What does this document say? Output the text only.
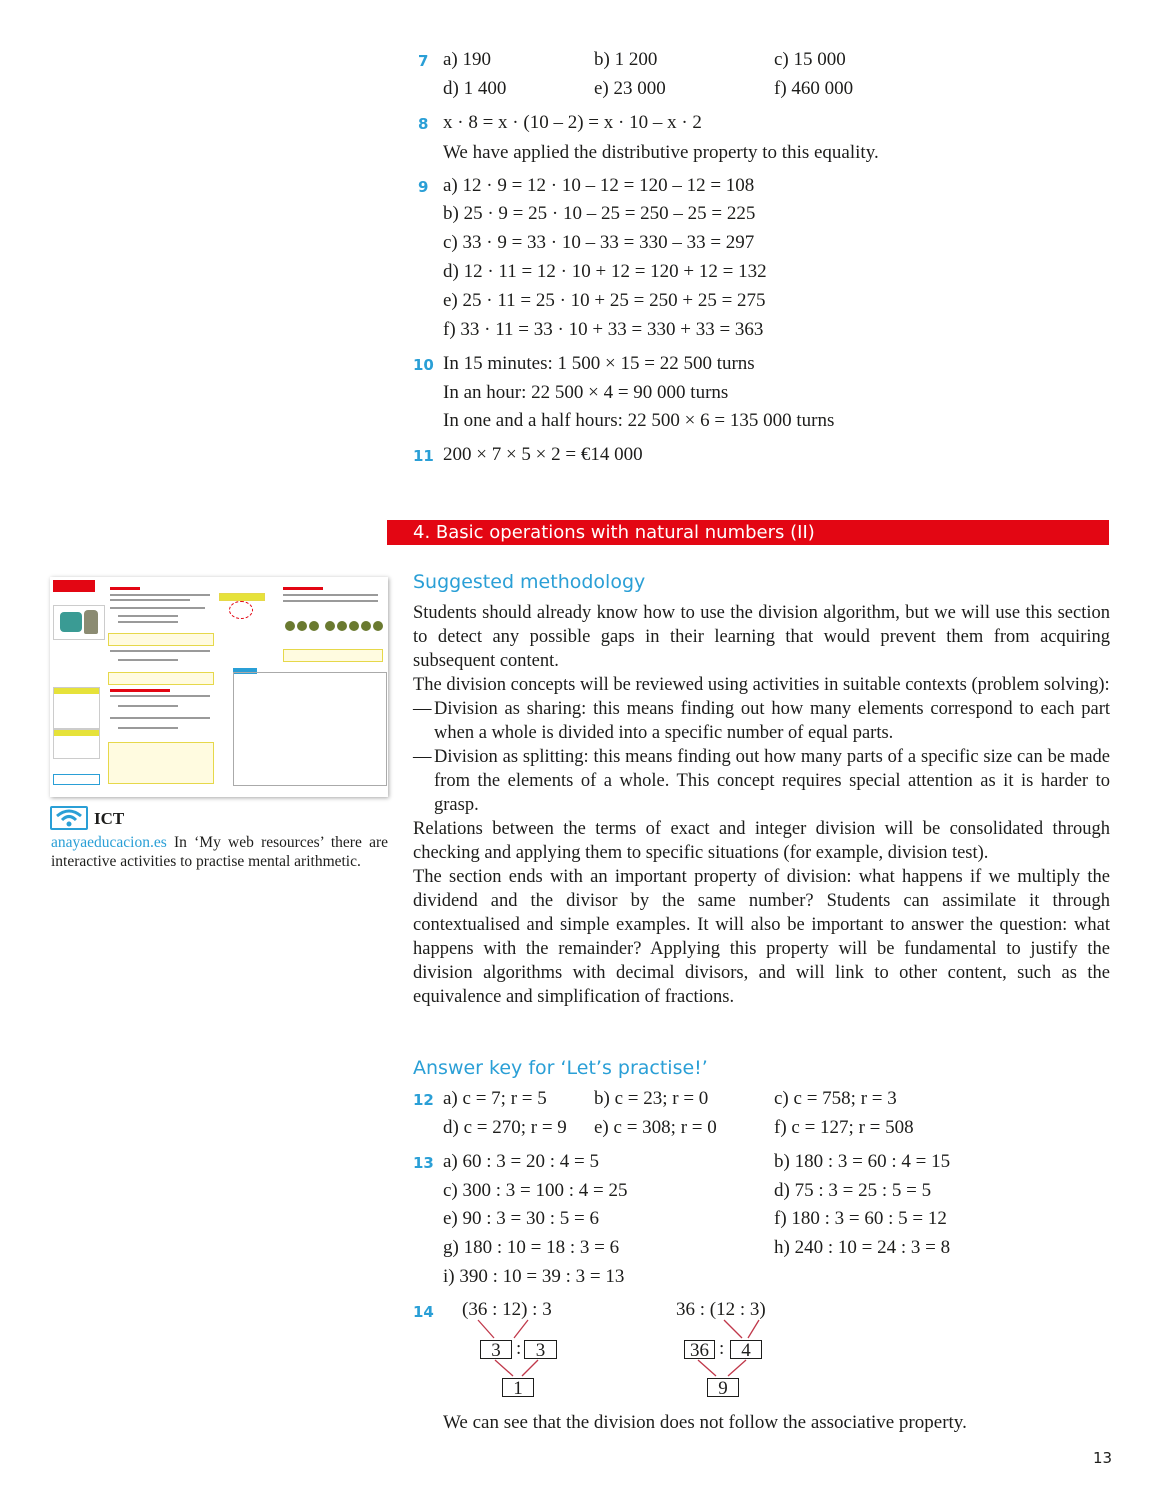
7 a) 190	b) 1 200	c) 15 000
d) 1 400	e) 23 000	f) 460 000
8 x · 8 = x · (10 – 2) = x · 10 – x · 2
We have applied the distributive property to this equality.
9 a) 12 · 9 = 12 · 10 – 12 = 120 – 12 = 108
b) 25 · 9 = 25 · 10 – 25 = 250 – 25 = 225
c) 33 · 9 = 33 · 10 – 33 = 330 – 33 = 297
d) 12 · 11 = 12 · 10 + 12 = 120 + 12 = 132
e) 25 · 11 = 25 · 10 + 25 = 250 + 25 = 275
f) 33 · 11 = 33 · 10 + 33 = 330 + 33 = 363
10 In 15 minutes: 1 500 × 15 = 22 500 turns
In an hour: 22 500 × 4 = 90 000 turns
In one and a half hours: 22 500 × 6 = 135 000 turns
11 200 × 7 × 5 × 2 = €14 000
4. Basic operations with natural numbers (II)
ICT
anayaeducacion.es In ‘My web resources’ there are interactive activities to practise mental arithmetic.
Suggested methodology

Students should already know how to use the division algorithm, but we will use this section to detect any possible gaps in their learning that would prevent them from acquiring subsequent content.

The division concepts will be reviewed using activities in suitable contexts (problem solving):

— Division as sharing: this means finding out how many elements correspond to each part when a whole is divided into a specific number of equal parts.
— Division as splitting: this means finding out how many parts of a specific size can be made from the elements of a whole. This concept requires special attention as it is harder to grasp.

Relations between the terms of exact and integer division will be consolidated through checking and applying them to specific situations (for example, division test).

The section ends with an important property of division: what happens if we multiply the dividend and the divisor by the same number? Students can assimilate it through contextualised and simple examples. It will also be important to answer the question: what happens with the remainder? Applying this property will be fundamental to justify the division algorithms with decimal divisors, and will link to other content, such as the equivalence and simplification of fractions.

Answer key for ‘Let’s practise!’
12 a) c = 7; r = 5 b) c = 23; r = 0	c) c = 758; r = 3
d) c = 270; r = 9 e) c = 308; r = 0	f) c = 127; r = 508
13 a) 60 : 3 = 20 : 4 = 5	b) 180 : 3 = 60 : 4 = 15
c) 300 : 3 = 100 : 4 = 25	d) 75 : 3 = 25 : 5 = 5
e) 90 : 3 = 30 : 5 = 6	f) 180 : 3 = 60 : 5 = 12
g) 180 : 10 = 18 : 3 = 6	h) 240 : 10 = 24 : 3 = 8
i) 390 : 10 = 39 : 3 = 13
14 (36 : 12) : 3
3 : 3
1
36 : (12 : 3)
36 : 4
9
We can see that the division does not follow the associative property.
13
